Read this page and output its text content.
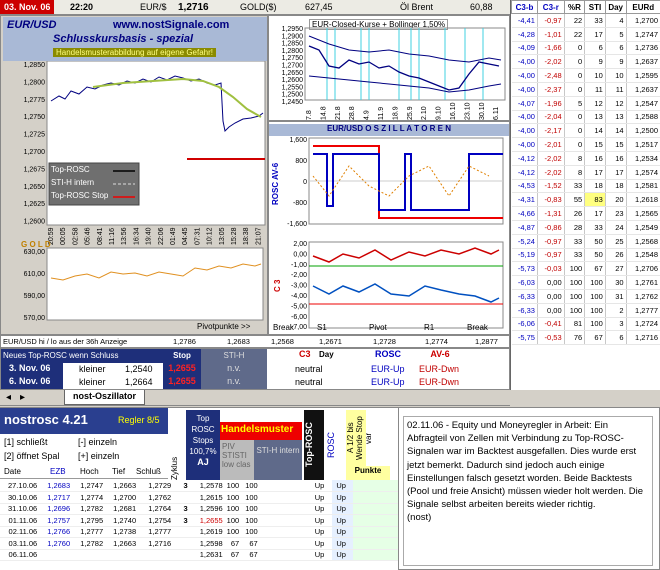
03. Nov. 06	22:20	EUR/$ 1,2716	GOLD($)	627,45	Öl Brent	60,88
EUR/USD	www.nostSignale.com
Schlusskursbasis - spezial
Handelsmusterabbildung auf eigene Gefahr!
1,2850
1,2800
1,2775
1,2750
1,2725
1,2700
1,2675
1,2650
1,2625
1,2600
20:59 00:05 02:58 05:46 08:41 11:16 13:56 16:34 19:40 22:06 01:49 04:45 07:31 10:12 13:05 15:28 18:38 21:07
Top-ROSC
STI-H intern
Top-ROSC Stop
630,00
610,00
590,00
570,00
G O L D
Pivotpunkte >>
EUR-Closed-Kurse + Bollinger 1,50%
1,2950
1,2900
1,2850
1,2800
1,2750
1,2700
1,2650
1,2600
1,2550
1,2500
1,2450
7.8 14.8 21.8 28.8 4.9 11.9 18.9 25.9 2.10 9.10 16.10 23.10 30.10 6.11
EUR/USD O S Z I L L A T O R E N
ROSC AV-6
1,600
800
0
-800
-1,600
2,00
0,00
-1,00
-2,00
-3,00
-4,00
-5,00
-6,00
-7,00
C 3
Break	S1	Pivot	R1	Break
EUR/USD hi / lo aus der 36h Anzeige	1,2786	1,2683	1,2568	1,2671	1,2728	1,2774	1,2877
Neues Top-ROSC wenn Schluss	Stop	STI-H	C3	Day	ROSC	AV-6
3. Nov. 06	kleiner 1,2540	1,2655	n.v.	neutral	EUR-Up EUR-Dwn
6. Nov. 06	kleiner 1,2664	1,2655	n.v.	neutral	EUR-Up EUR-Dwn
◂ ▸	nost-Oszillator
C3-b	C3-r	%R	STI	Day	EURd
-4,41	-0,97	22	33	4	1,2700
-4,28	-1,01	22	17	5	1,2747
-4,09	-1,66	0	6	6	1,2736
-4,00	-2,02	0	9	9	1,2637
-4,00	-2,48	0	10	10	1,2595
-4,00	-2,37	0	11	11	1,2637
-4,07	-1,96	5	12	12	1,2547
-4,00	-2,04	0	13	13	1,2588
-4,00	-2,17	0	14	14	1,2500
-4,00	-2,01	0	15	15	1,2517
-4,12	-2,02	8	16	16	1,2534
-4,12	-2,02	8	17	17	1,2574
-4,53	-1,52	33	18	18	1,2581
-4,31	-0,83	55	83	20	1,2618
-4,66	-1,31	26	17	23	1,2565
-4,87	-0,86	28	33	24	1,2549
-5,24	-0,97	33	50	25	1,2568
-5,19	-0,97	33	50	26	1,2548
-5,73	-0,03	100	67	27	1,2706
-6,03	0,00	100	100	30	1,2761
-6,33	0,00	100	100	31	1,2762
-6,33	0,00	100	100	2	1,2777
-6,06	-0,41	81	100	3	1,2724
-5,75	-0,53	76	67	6	1,2716
nostrosc 4.21	Regler 8/5
[1] schließt	[-] einzeln
[2] öffnet Spal [+] einzeln
Date	EZB Hoch Tief Schluß Zyklus
Top
ROSC
Stops
100,7%
AJ
Handelsmuster
PIV
STISTI
low clas
STI-H intern Top-ROSC	ROSC	A 1/2 bis Wende Stop var
Punkte
27.10.06	1,2683	1,2747	1,2663	1,2729	3	1,2578	100	100		Up	Up	
30.10.06	1,2717	1,2774	1,2700	1,2762		1,2615	100	100		Up	Up	
31.10.06	1,2696	1,2782	1,2681	1,2764	3	1,2596	100	100		Up	Up	
01.11.06	1,2757	1,2795	1,2740	1,2754	3	1,2655	100	100		Up	Up	
02.11.06	1,2766	1,2777	1,2738	1,2777		1,2619	100	100		Up	Up	
03.11.06	1,2760	1,2782	1,2663	1,2716		1,2598	67	67		Up	Up	
06.11.06						1,2631	67	67		Up	Up	
02.11.06 - Equity und Moneyregler in Arbeit: Ein Abfragteil von Zellen mit Verbindung zu Top-ROSC-Signalen war im Backtest ausgefallen. Dies wurde erst jetzt bemerkt. Dadurch sind jedoch auch einige Einstellungen falsch gesetzt worden. Beide Backtests (Pool und freie Ansicht) müssen wieder holt werden. Die Signale selbst arbeiten bereits wieder richtig.
(nost)
